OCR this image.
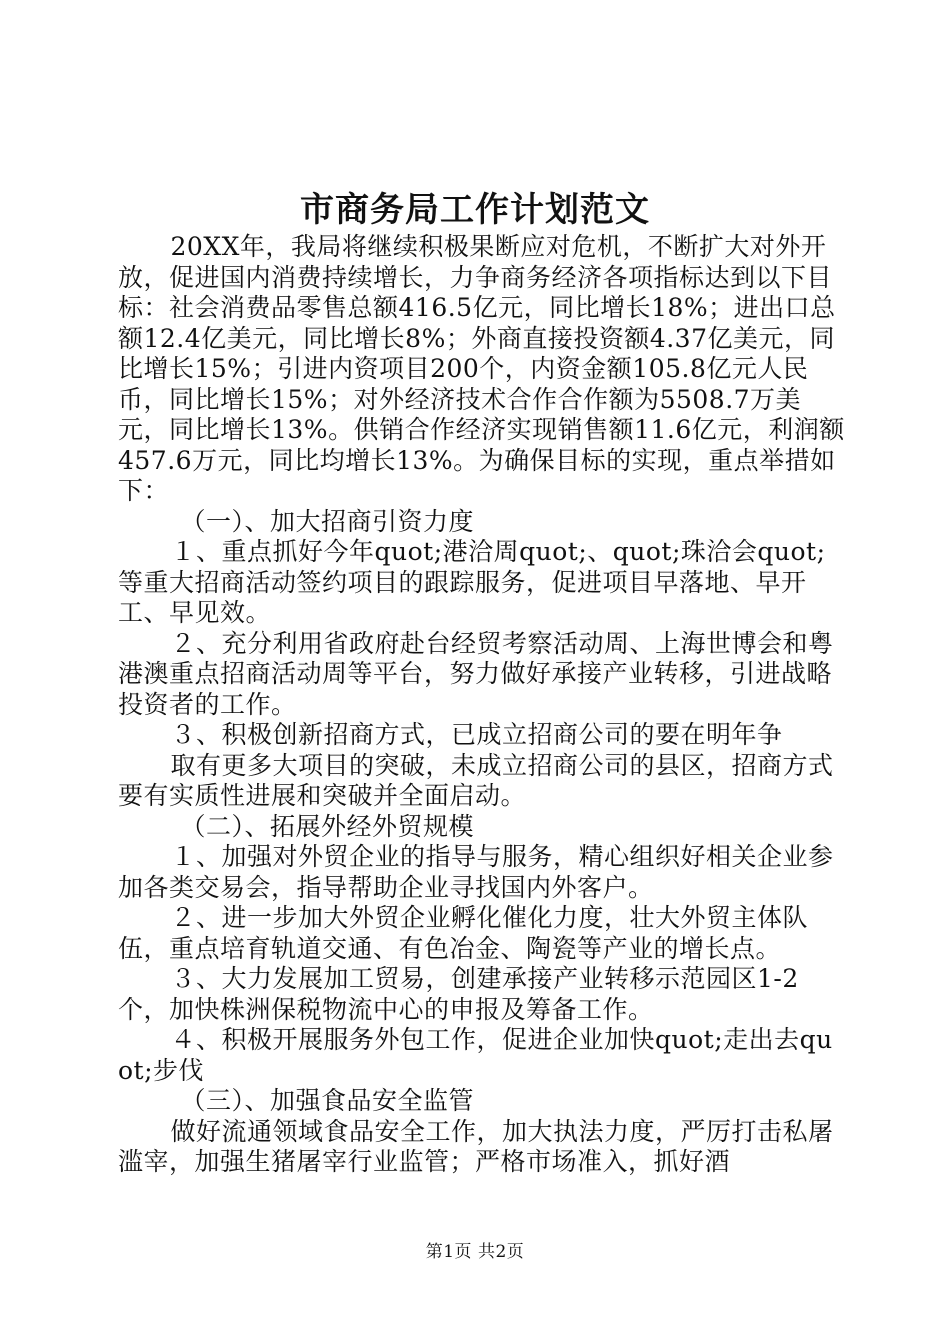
市商务局工作计划范文

20XX年，我局将继续积极果断应对危机，不断扩大对外开放，促进国内消费持续增长，力争商务经济各项指标达到以下目标：社会消费品零售总额416.5亿元，同比增长18%；进出口总额12.4亿美元，同比增长8%；外商直接投资额4.37亿美元，同比增长15%；引进内资项目200个，内资金额105.8亿元人民币，同比增长15%；对外经济技术合作合作额为5508.7万美元，同比增长13%。供销合作经济实现销售额11.6亿元，利润额457.6万元，同比均增长13%。为确保目标的实现，重点举措如下：

（一）、加大招商引资力度

１、重点抓好今年quot;港洽周quot;、quot;珠洽会quot;等重大招商活动签约项目的跟踪服务，促进项目早落地、早开工、早见效。

２、充分利用省政府赴台经贸考察活动周、上海世博会和粤港澳重点招商活动周等平台，努力做好承接产业转移，引进战略投资者的工作。

３、积极创新招商方式，已成立招商公司的要在明年争

取有更多大项目的突破，未成立招商公司的县区，招商方式要有实质性进展和突破并全面启动。

（二）、拓展外经外贸规模

１、加强对外贸企业的指导与服务，精心组织好相关企业参加各类交易会，指导帮助企业寻找国内外客户。

２、进一步加大外贸企业孵化催化力度，壮大外贸主体队伍，重点培育轨道交通、有色冶金、陶瓷等产业的增长点。

３、大力发展加工贸易，创建承接产业转移示范园区1-2个，加快株洲保税物流中心的申报及筹备工作。

４、积极开展服务外包工作，促进企业加快quot;走出去quot;步伐

（三）、加强食品安全监管

做好流通领域食品安全工作，加大执法力度，严厉打击私屠滥宰，加强生猪屠宰行业监管；严格市场准入，抓好酒

第1页 共2页
